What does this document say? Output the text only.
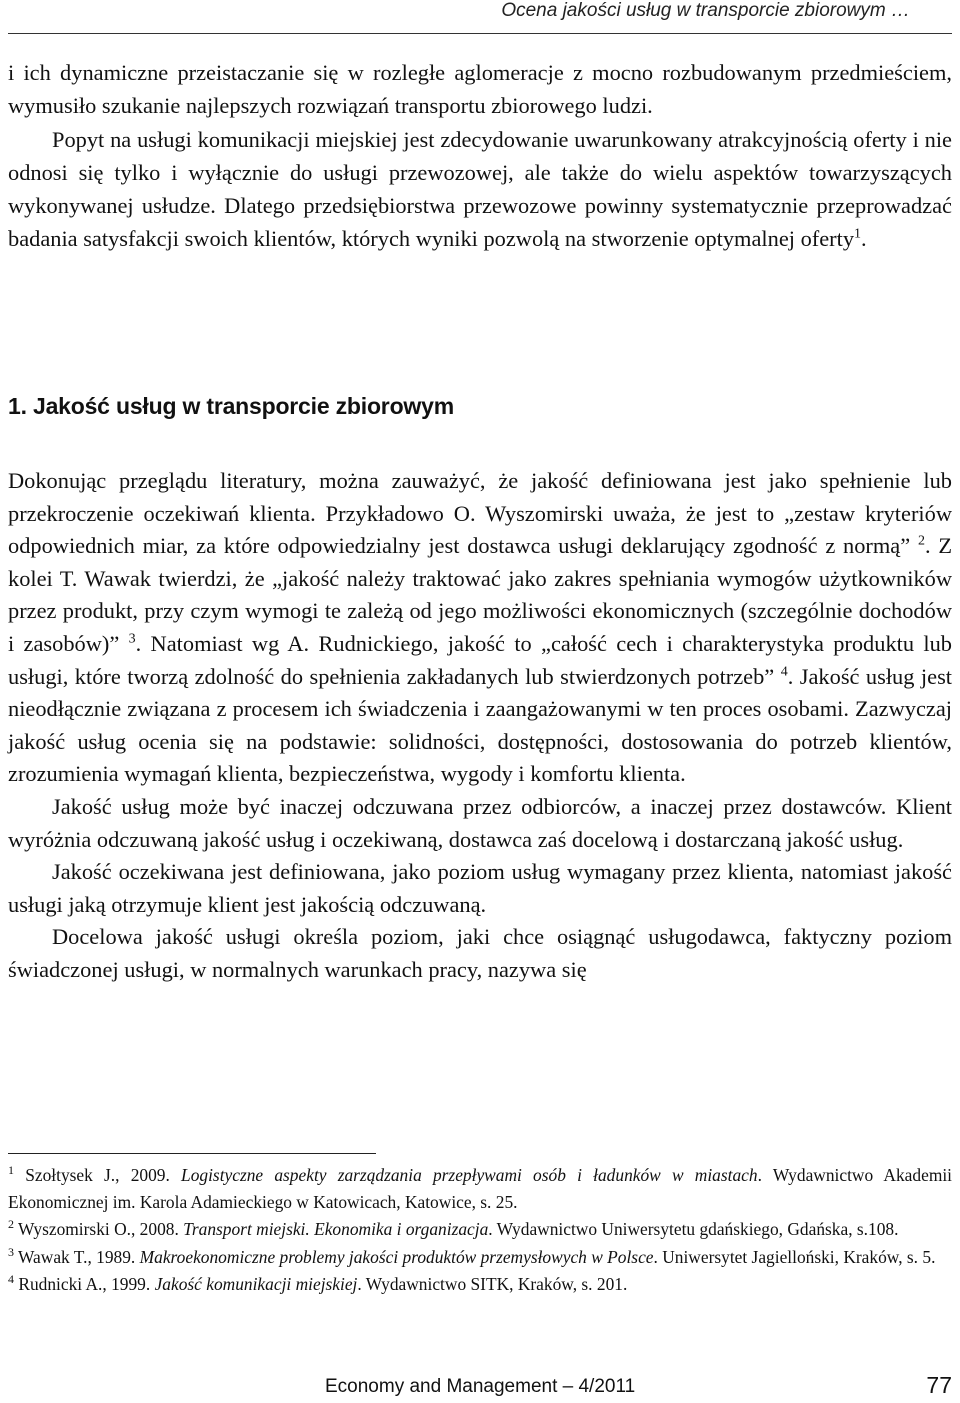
Ocena jakości usług w transporcie zbiorowym …

i ich dynamiczne przeistaczanie się w rozległe aglomeracje z mocno rozbudowanym przedmieściem, wymusiło szukanie najlepszych rozwiązań transportu zbiorowego ludzi.

Popyt na usługi komunikacji miejskiej jest zdecydowanie uwarunkowany atrakcyjnością oferty i nie odnosi się tylko i wyłącznie do usługi przewozowej, ale także do wielu aspektów towarzyszących wykonywanej usłudze. Dlatego przedsiębiorstwa przewozowe powinny systematycznie przeprowadzać badania satysfakcji swoich klientów, których wyniki pozwolą na stworzenie optymalnej oferty$^1$.

1. Jakość usług w transporcie zbiorowym

Dokonując przeglądu literatury, można zauważyć, że jakość definiowana jest jako spełnienie lub przekroczenie oczekiwań klienta. Przykładowo O. Wyszomirski uważa, że jest to „zestaw kryteriów odpowiednich miar, za które odpowiedzialny jest dostawca usługi deklarujący zgodność z normą” $^2$. Z kolei T. Wawak twierdzi, że „jakość należy traktować jako zakres spełniania wymogów użytkowników przez produkt, przy czym wymogi te zależą od jego możliwości ekonomicznych (szczególnie dochodów i zasobów)” $^3$. Natomiast wg A. Rudnickiego, jakość to „całość cech i charakterystyka produktu lub usługi, które tworzą zdolność do spełnienia zakładanych lub stwierdzonych potrzeb” $^4$. Jakość usług jest nieodłącznie związana z procesem ich świadczenia i zaangażowanymi w ten proces osobami. Zazwyczaj jakość usług ocenia się na podstawie: solidności, dostępności, dostosowania do potrzeb klientów, zrozumienia wymagań klienta, bezpieczeństwa, wygody i komfortu klienta.

Jakość usług może być inaczej odczuwana przez odbiorców, a inaczej przez dostawców. Klient wyróżnia odczuwaną jakość usług i oczekiwaną, dostawca zaś docelową i dostarczaną jakość usług.

Jakość oczekiwana jest definiowana, jako poziom usług wymagany przez klienta, natomiast jakość usługi jaką otrzymuje klient jest jakością odczuwaną.

Docelowa jakość usługi określa poziom, jaki chce osiągnąć usługodawca, faktyczny poziom świadczonej usługi, w normalnych warunkach pracy, nazywa się

$^1$ Szołtysek J., 2009. Logistyczne aspekty zarządzania przepływami osób i ładunków w miastach. Wydawnictwo Akademii Ekonomicznej im. Karola Adamieckiego w Katowicach, Katowice, s. 25.

$^2$ Wyszomirski O., 2008. Transport miejski. Ekonomika i organizacja. Wydawnictwo Uniwersytetu gdańskiego, Gdańska, s.108.

$^3$ Wawak T., 1989. Makroekonomiczne problemy jakości produktów przemysłowych w Polsce. Uniwersytet Jagielloński, Kraków, s. 5.

$^4$ Rudnicki A., 1999. Jakość komunikacji miejskiej. Wydawnictwo SITK, Kraków, s. 201.

Economy and Management – 4/2011	77
